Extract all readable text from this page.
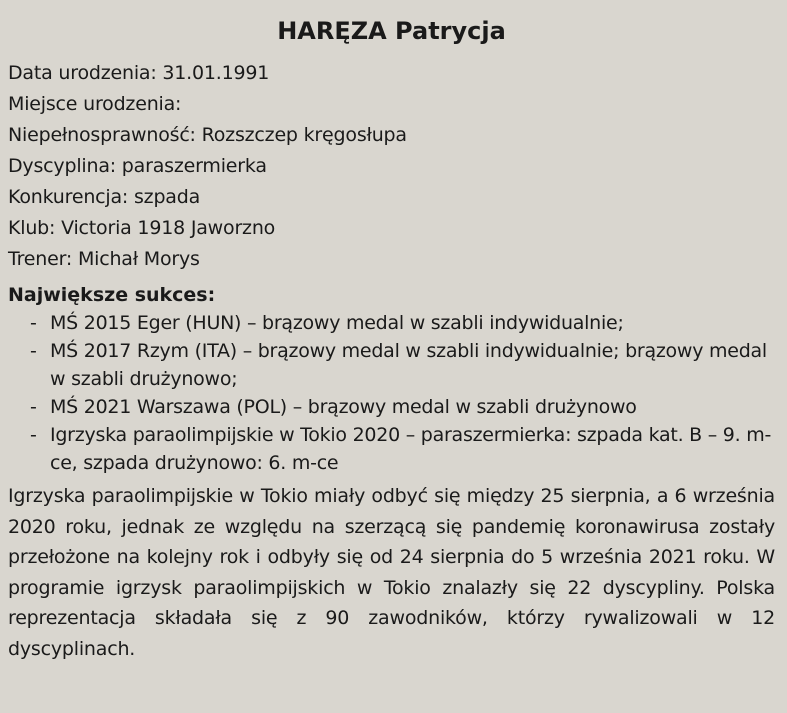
HARĘZA Patrycja
Data urodzenia: 31.01.1991
Miejsce urodzenia:
Niepełnosprawność: Rozszczep kręgosłupa
Dyscyplina: paraszermierka
Konkurencja: szpada
Klub: Victoria 1918 Jaworzno
Trener: Michał Morys
Największe sukces:
- MŚ 2015 Eger (HUN) – brązowy medal w szabli indywidualnie;
- MŚ 2017 Rzym (ITA) – brązowy medal w szabli indywidualnie; brązowy medal w szabli drużynowo;
- MŚ 2021 Warszawa (POL) – brązowy medal w szabli drużynowo
- Igrzyska paraolimpijskie w Tokio 2020 – paraszermierka: szpada kat. B – 9. m-ce, szpada drużynowo: 6. m-ce

Igrzyska paraolimpijskie w Tokio miały odbyć się między 25 sierpnia, a 6 września 2020 roku, jednak ze względu na szerzącą się pandemię koronawirusa zostały przełożone na kolejny rok i odbyły się od 24 sierpnia do 5 września 2021 roku. W programie igrzysk paraolimpijskich w Tokio znalazły się 22 dyscypliny. Polska reprezentacja składała się z 90 zawodników, którzy rywalizowali w 12 dyscyplinach.
